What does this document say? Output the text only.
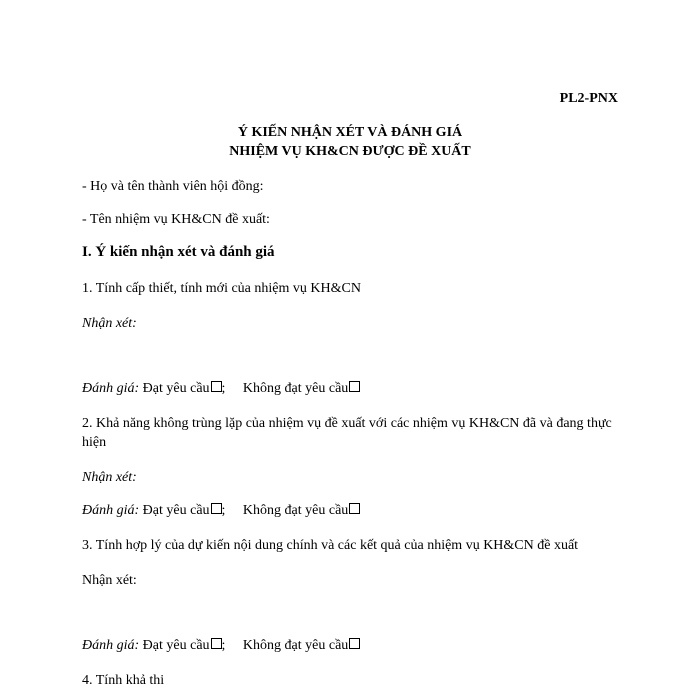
PL2-PNX

Ý KIẾN NHẬN XÉT VÀ ĐÁNH GIÁ

NHIỆM VỤ KH&CN ĐƯỢC ĐỀ XUẤT

- Họ và tên thành viên hội đồng:

- Tên nhiệm vụ KH&CN đề xuất:

I. Ý kiến nhận xét và đánh giá

1. Tính cấp thiết, tính mới của nhiệm vụ KH&CN

Nhận xét:

Đánh giá: Đạt yêu cầu ; Không đạt yêu cầu

2. Khả năng không trùng lặp của nhiệm vụ đề xuất với các nhiệm vụ KH&CN đã và đang thực hiện

Nhận xét:

Đánh giá: Đạt yêu cầu ; Không đạt yêu cầu

3. Tính hợp lý của dự kiến nội dung chính và các kết quả của nhiệm vụ KH&CN đề xuất

Nhận xét:

Đánh giá: Đạt yêu cầu ; Không đạt yêu cầu

4. Tính khả thi
